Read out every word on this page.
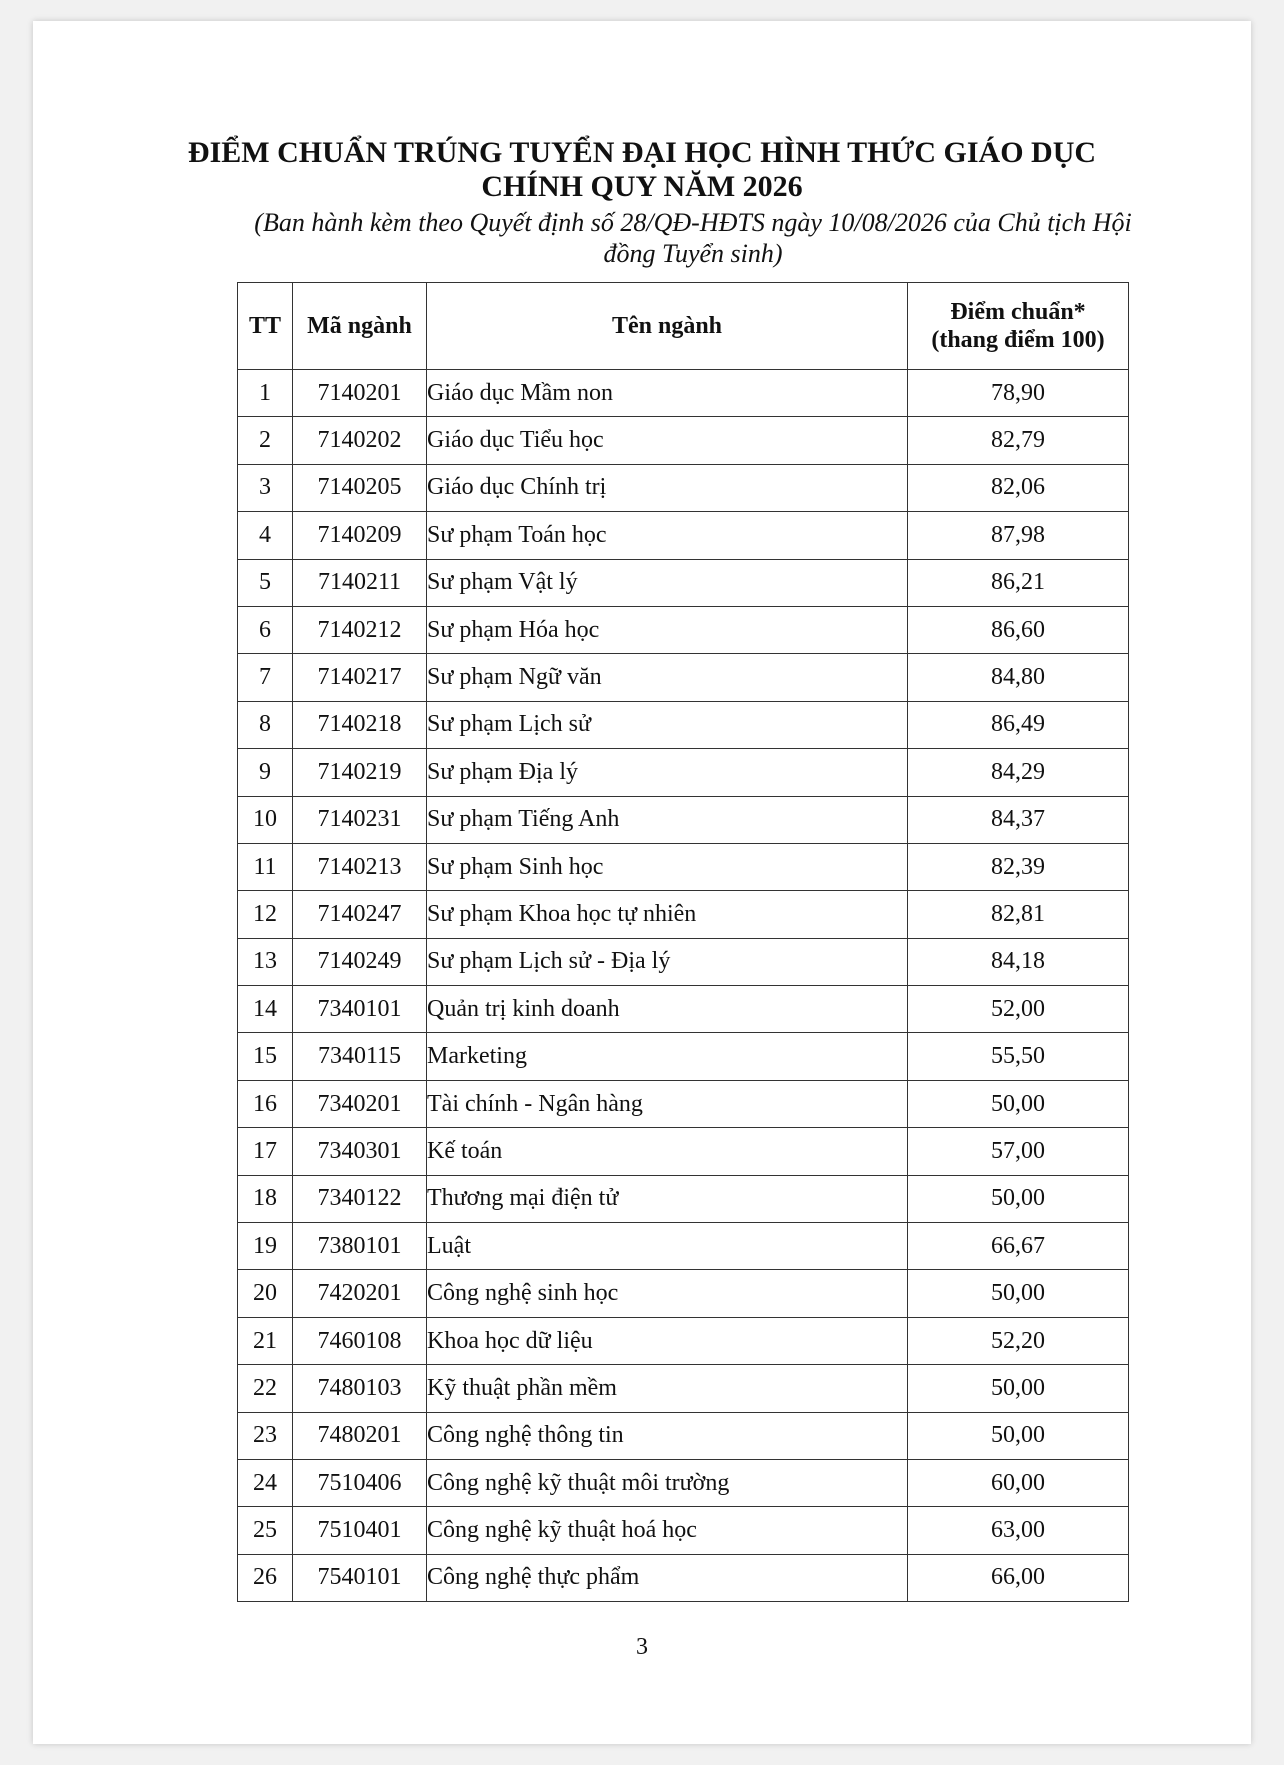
ĐIỂM CHUẨN TRÚNG TUYỂN ĐẠI HỌC HÌNH THỨC GIÁO DỤC
CHÍNH QUY NĂM 2026
(Ban hành kèm theo Quyết định số 28/QĐ-HĐTS ngày 10/08/2026 của Chủ tịch Hội
đồng Tuyển sinh)
TT	Mã ngành	Tên ngành	Điểm chuẩn*
(thang điểm 100)

1	7140201	Giáo dục Mầm non	78,90
2	7140202	Giáo dục Tiểu học	82,79
3	7140205	Giáo dục Chính trị	82,06
4	7140209	Sư phạm Toán học	87,98
5	7140211	Sư phạm Vật lý	86,21
6	7140212	Sư phạm Hóa học	86,60
7	7140217	Sư phạm Ngữ văn	84,80
8	7140218	Sư phạm Lịch sử	86,49
9	7140219	Sư phạm Địa lý	84,29
10	7140231	Sư phạm Tiếng Anh	84,37
11	7140213	Sư phạm Sinh học	82,39
12	7140247	Sư phạm Khoa học tự nhiên	82,81
13	7140249	Sư phạm Lịch sử - Địa lý	84,18
14	7340101	Quản trị kinh doanh	52,00
15	7340115	Marketing	55,50
16	7340201	Tài chính - Ngân hàng	50,00
17	7340301	Kế toán	57,00
18	7340122	Thương mại điện tử	50,00
19	7380101	Luật	66,67
20	7420201	Công nghệ sinh học	50,00
21	7460108	Khoa học dữ liệu	52,20
22	7480103	Kỹ thuật phần mềm	50,00
23	7480201	Công nghệ thông tin	50,00
24	7510406	Công nghệ kỹ thuật môi trường	60,00
25	7510401	Công nghệ kỹ thuật hoá học	63,00
26	7540101	Công nghệ thực phẩm	66,00
3
